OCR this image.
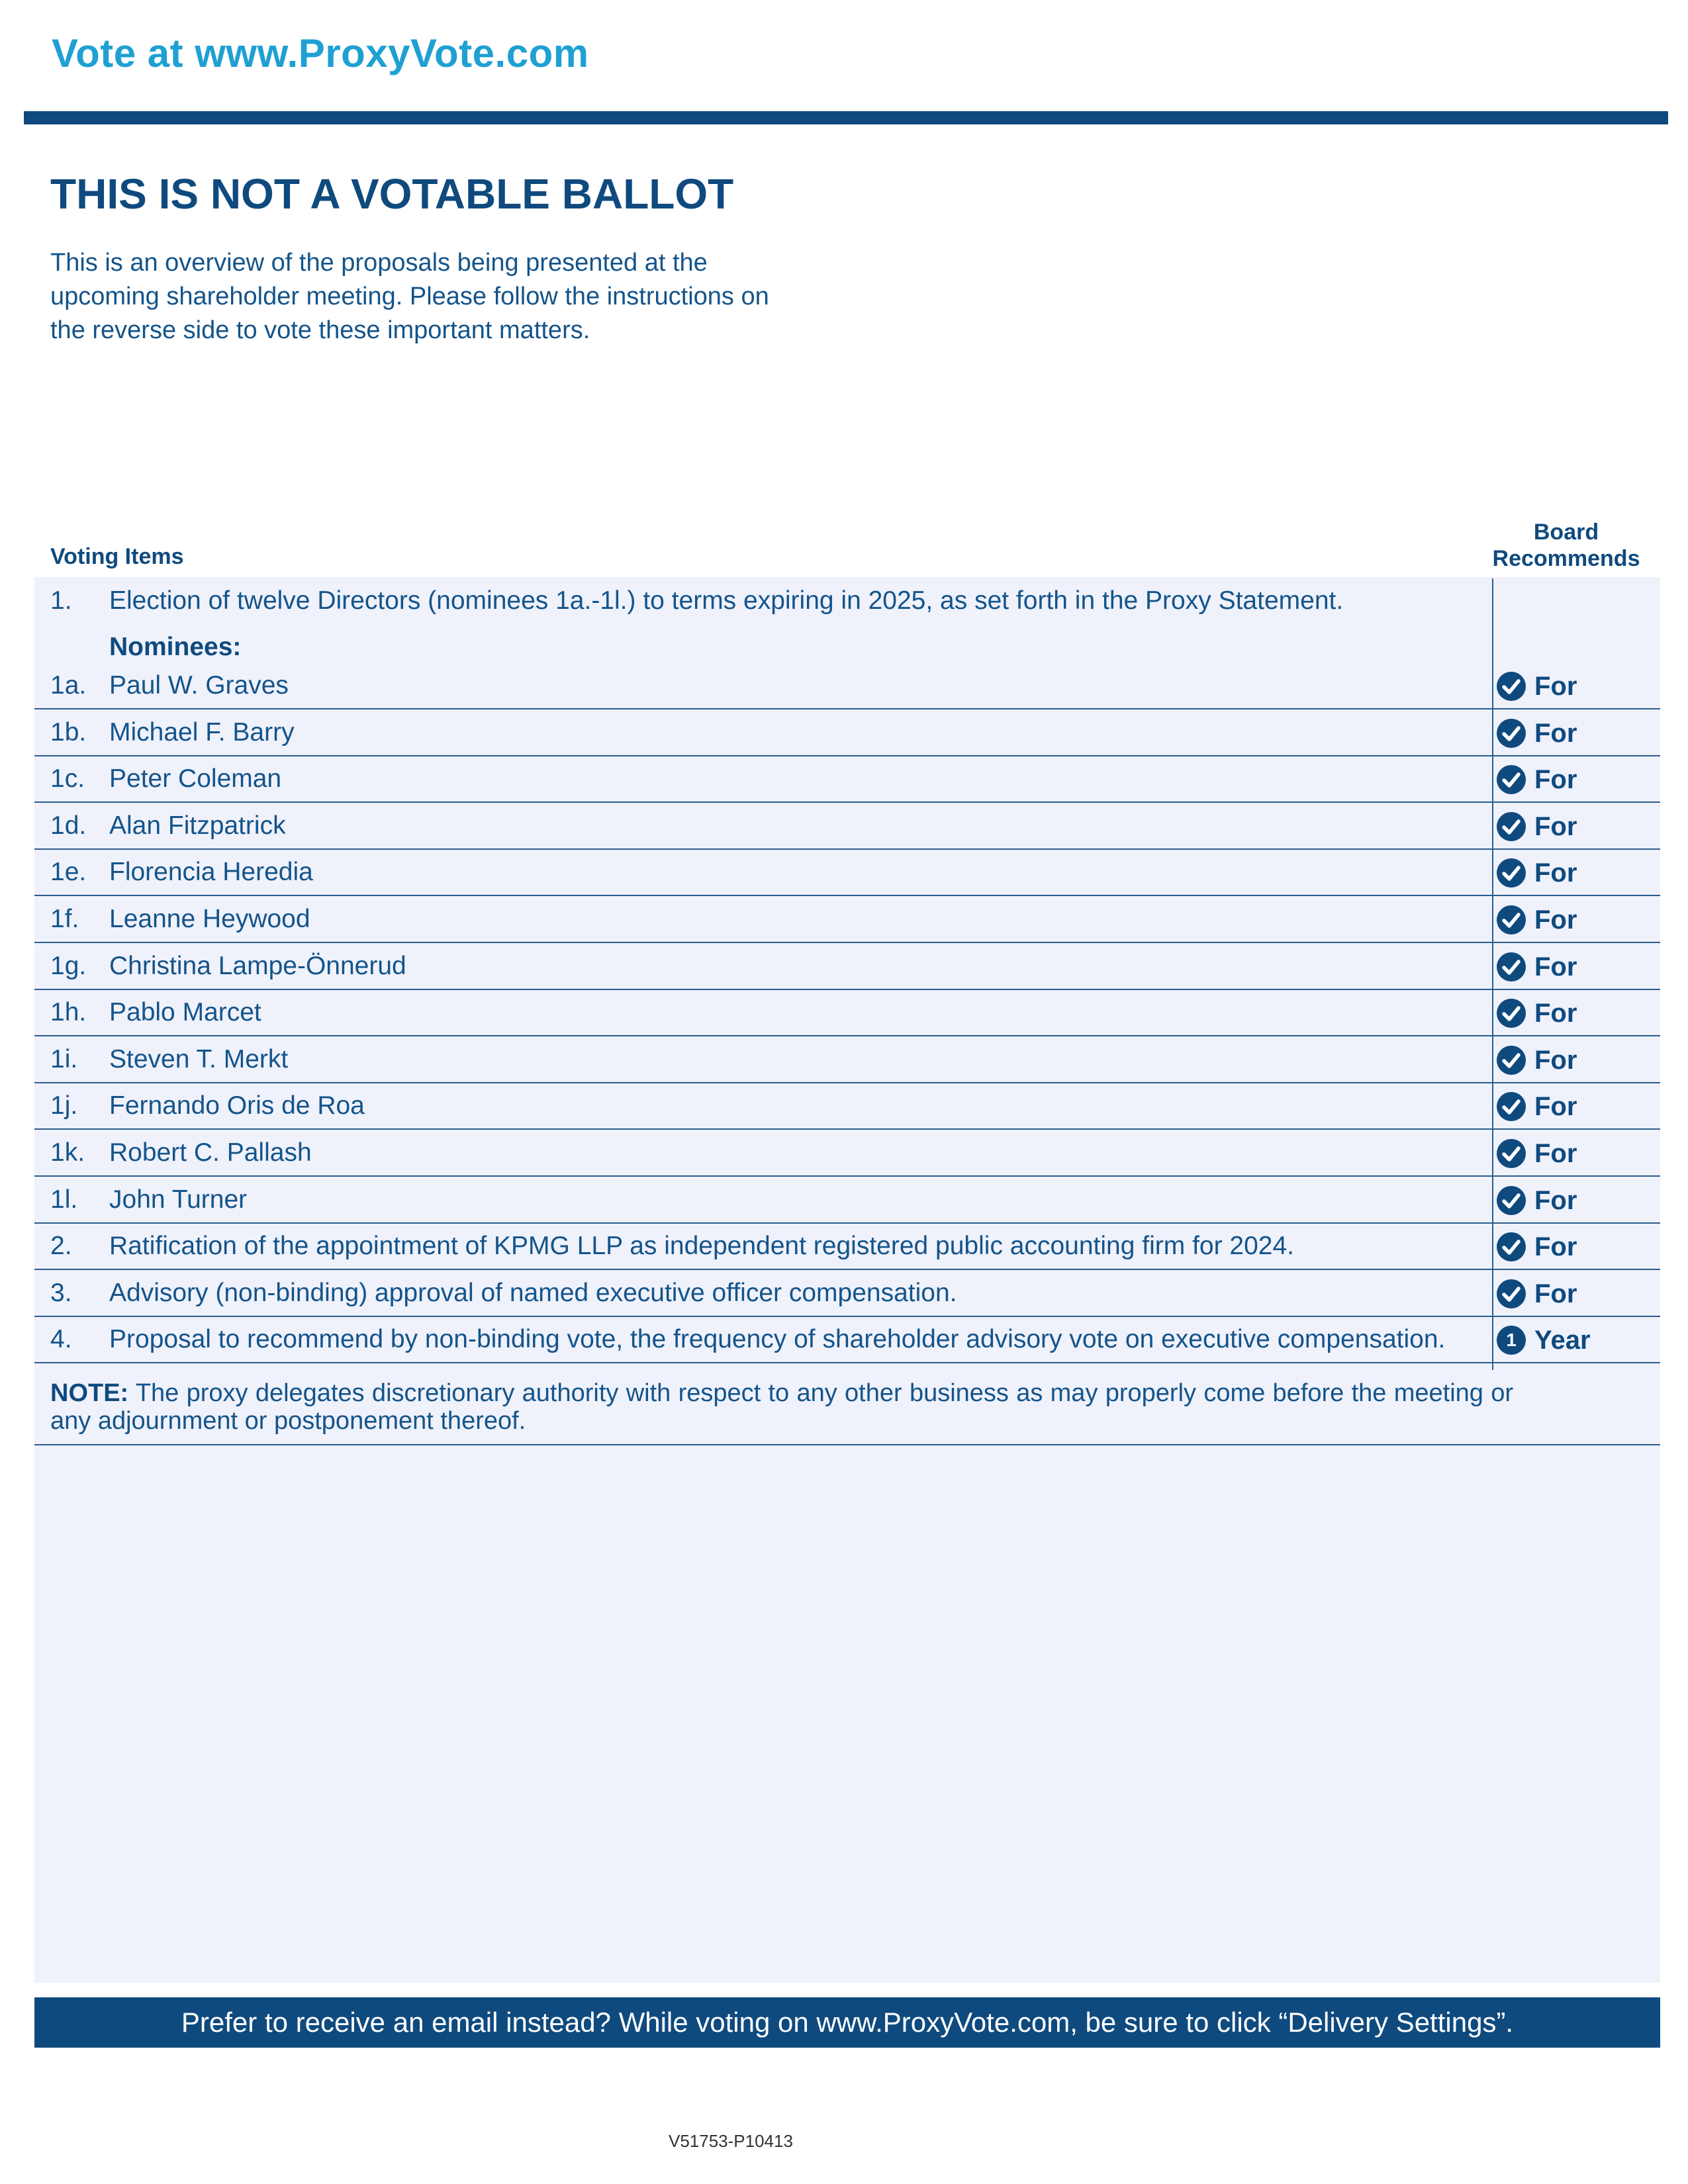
Vote at www.ProxyVote.com
THIS IS NOT A VOTABLE BALLOT
This is an overview of the proposals being presented at the
upcoming shareholder meeting. Please follow the instructions on
the reverse side to vote these important matters.
Voting Items
Board
Recommends
1. Election of twelve Directors (nominees 1a.-1l.) to terms expiring in 2025, as set forth in the Proxy Statement.
Nominees:
1a. Paul W. Graves	For
1b. Michael F. Barry	For
1c. Peter Coleman	For
1d. Alan Fitzpatrick	For
1e. Florencia Heredia	For
1f. Leanne Heywood	For
1g. Christina Lampe-Önnerud	For
1h. Pablo Marcet	For
1i. Steven T. Merkt	For
1j. Fernando Oris de Roa	For
1k. Robert C. Pallash	For
1l. John Turner	For
2. Ratification of the appointment of KPMG LLP as independent registered public accounting firm for 2024.	For
3. Advisory (non-binding) approval of named executive officer compensation.	For
4. Proposal to recommend by non-binding vote, the frequency of shareholder advisory vote on executive compensation.	1 Year
NOTE: The proxy delegates discretionary authority with respect to any other business as may properly come before the meeting or any adjournment or postponement thereof.
Prefer to receive an email instead? While voting on www.ProxyVote.com, be sure to click “Delivery Settings”.
V51753-P10413
